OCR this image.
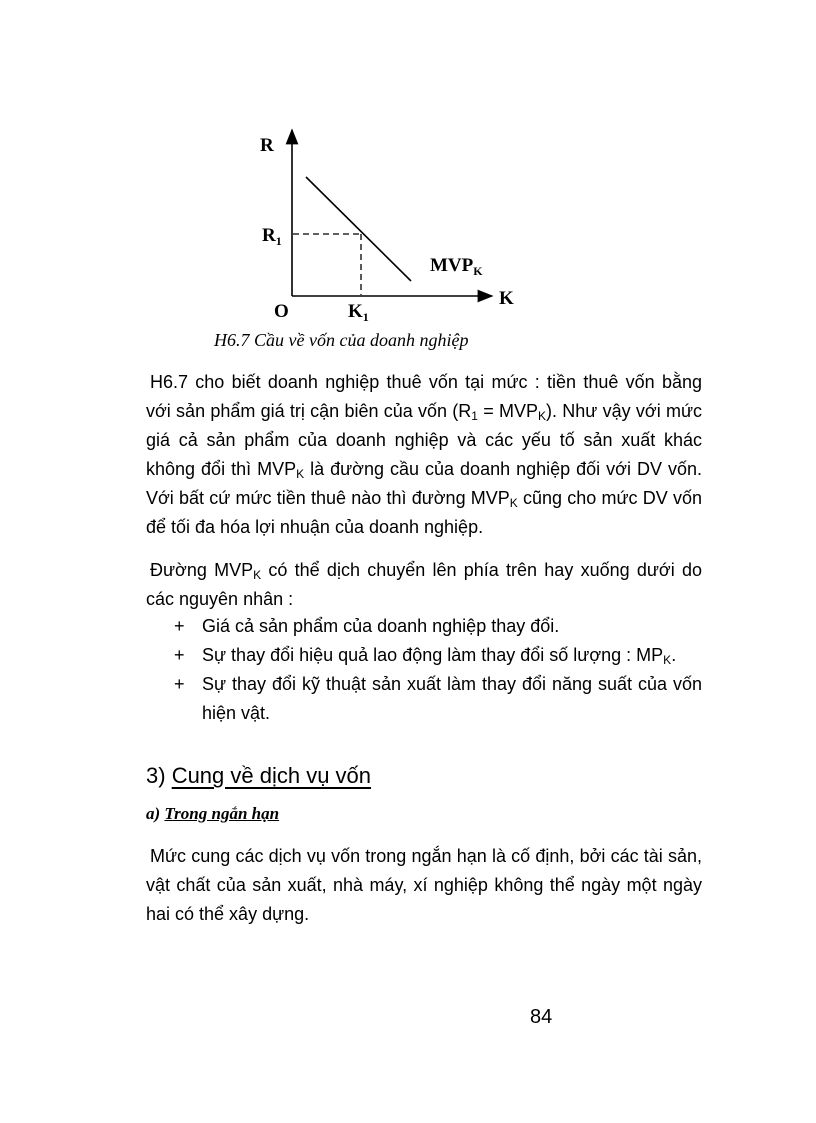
R
K
O
$R_1$
$K_1$
$MVP_K$
H6.7 Cầu về vốn của doanh nghiệp

H6.7 cho biết doanh nghiệp thuê vốn tại mức : tiền thuê vốn bằng với sản phẩm giá trị cận biên của vốn $(R_1 = MVP_K)$. Như vậy với mức giá cả sản phẩm của doanh nghiệp và các yếu tố sản xuất khác không đổi thì $MVP_K$ là đường cầu của doanh nghiệp đối với DV vốn. Với bất cứ mức tiền thuê nào thì đường $MVP_K$ cũng cho mức DV vốn để tối đa hóa lợi nhuận của doanh nghiệp.

Đường $MVP_K$ có thể dịch chuyển lên phía trên hay xuống dưới do các nguyên nhân :

+ Giá cả sản phẩm của doanh nghiệp thay đổi.
+ Sự thay đổi hiệu quả lao động làm thay đổi số lượng : $MP_K$.
+ Sự thay đổi kỹ thuật sản xuất làm thay đổi năng suất của vốn hiện vật.
3) Cung về dịch vụ vốn
a) Trong ngắn hạn

Mức cung các dịch vụ vốn trong ngắn hạn là cố định, bởi các tài sản, vật chất của sản xuất, nhà máy, xí nghiệp không thể ngày một ngày hai có thể xây dựng.

84
